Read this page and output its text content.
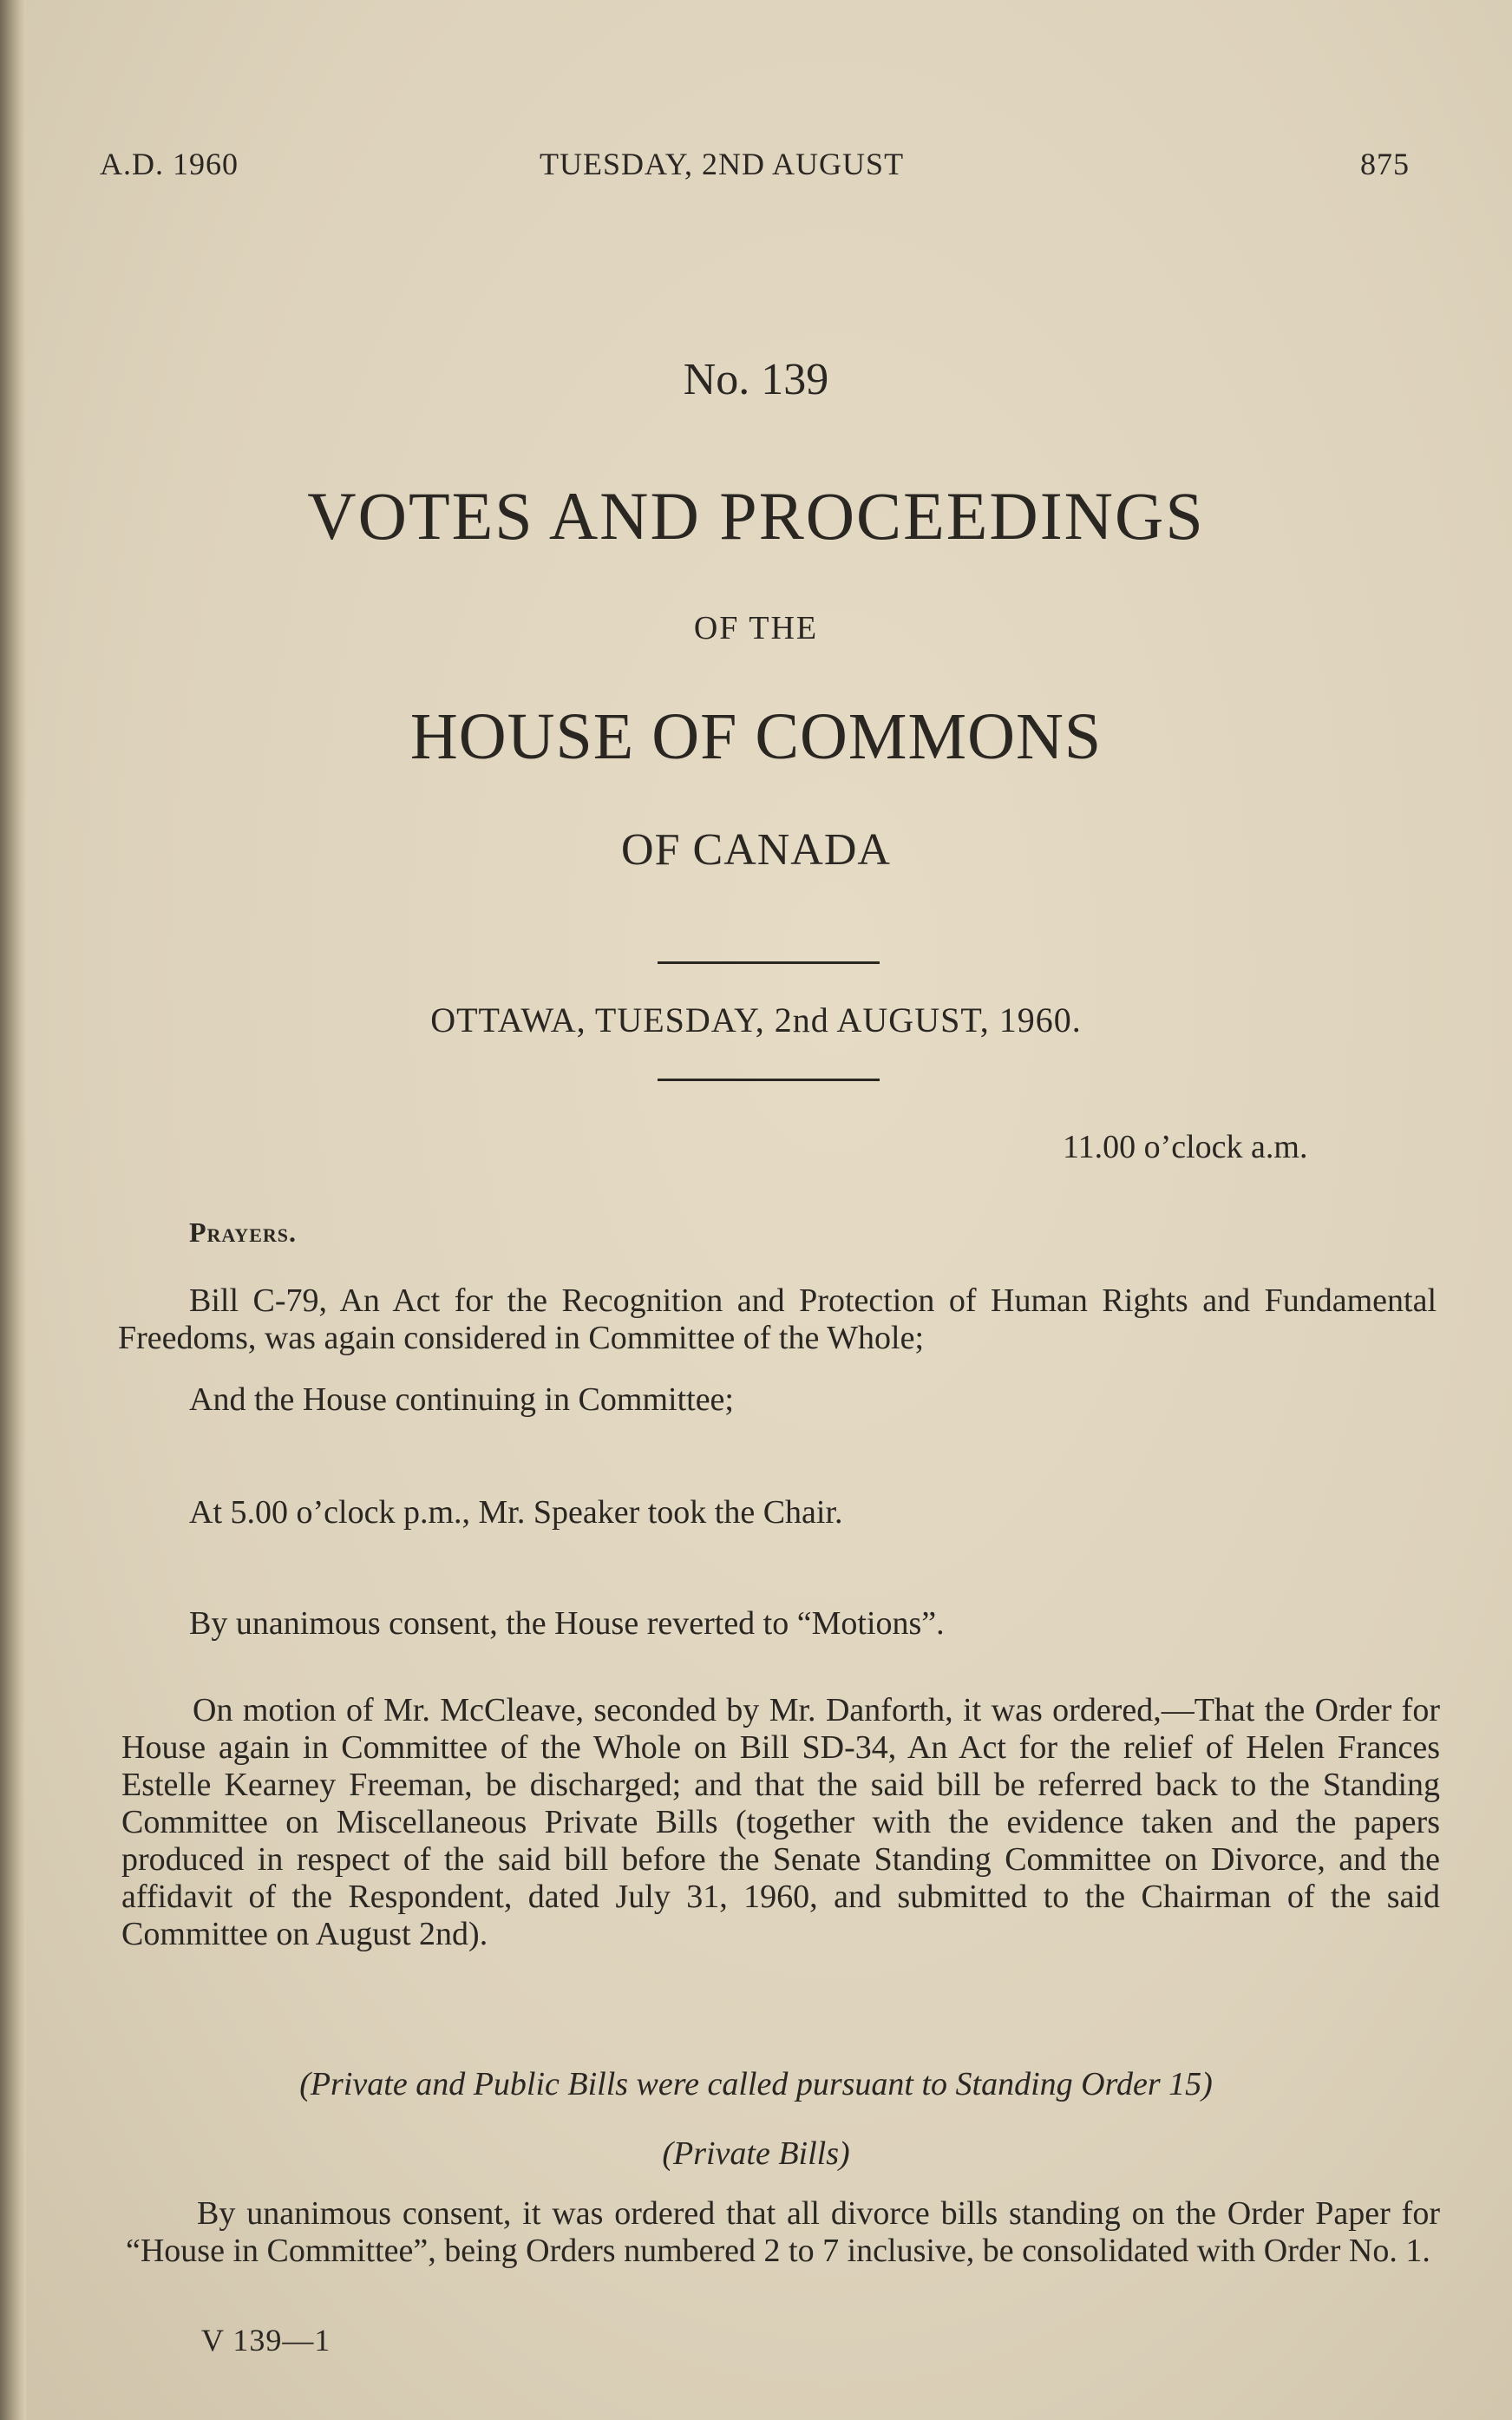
A.D. 1960	TUESDAY, 2ND AUGUST	875
No. 139
VOTES AND PROCEEDINGS
OF THE
HOUSE OF COMMONS
OF CANADA
OTTAWA, TUESDAY, 2nd AUGUST, 1960.
11.00 o’clock a.m.
Prayers.
Bill C-79, An Act for the Recognition and Protection of Human Rights and Fundamental Freedoms, was again considered in Committee of the Whole;
And the House continuing in Committee;
At 5.00 o’clock p.m., Mr. Speaker took the Chair.
By unanimous consent, the House reverted to “Motions”.
On motion of Mr. McCleave, seconded by Mr. Danforth, it was ordered,—That the Order for House again in Committee of the Whole on Bill SD-34, An Act for the relief of Helen Frances Estelle Kearney Freeman, be discharged; and that the said bill be referred back to the Standing Committee on Miscellaneous Private Bills (together with the evidence taken and the papers produced in respect of the said bill before the Senate Standing Committee on Divorce, and the affidavit of the Respondent, dated July 31, 1960, and submitted to the Chairman of the said Committee on August 2nd).
(Private and Public Bills were called pursuant to Standing Order 15)
(Private Bills)
By unanimous consent, it was ordered that all divorce bills standing on the Order Paper for “House in Committee”, being Orders numbered 2 to 7 inclusive, be consolidated with Order No. 1.
V 139—1
